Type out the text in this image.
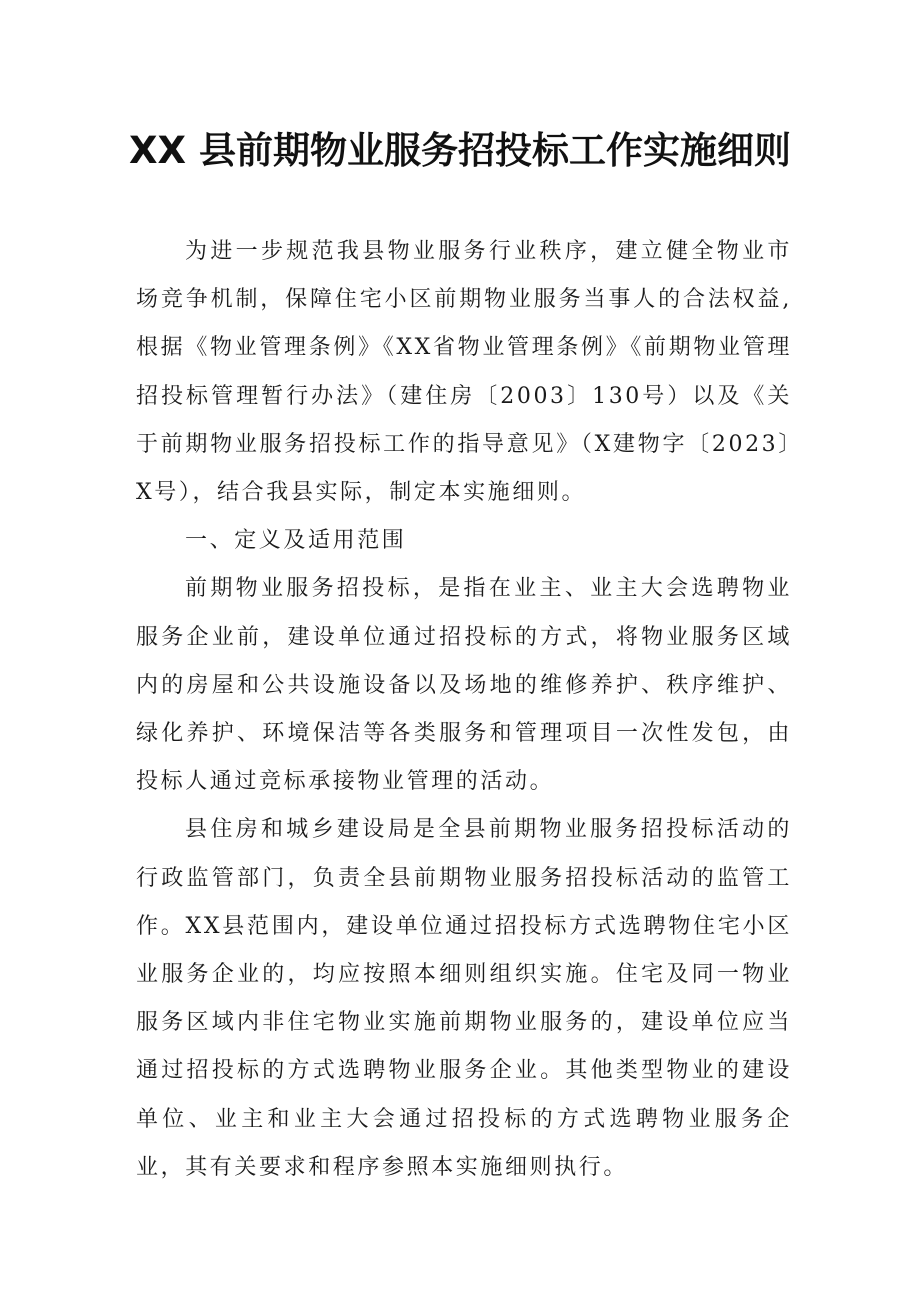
XX 县前期物业服务招投标工作实施细则

为进一步规范我县物业服务行业秩序，建立健全物业市场竞争机制，保障住宅小区前期物业服务当事人的合法权益,根据《物业管理条例》《XX省物业管理条例》《前期物业管理招投标管理暂行办法》（建住房〔2003〕130号）以及《关于前期物业服务招投标工作的指导意见》（X建物字〔2023〕X号），结合我县实际，制定本实施细则。

一、定义及适用范围

前期物业服务招投标，是指在业主、业主大会选聘物业服务企业前，建设单位通过招投标的方式，将物业服务区域内的房屋和公共设施设备以及场地的维修养护、秩序维护、绿化养护、环境保洁等各类服务和管理项目一次性发包，由投标人通过竞标承接物业管理的活动。

县住房和城乡建设局是全县前期物业服务招投标活动的行政监管部门，负责全县前期物业服务招投标活动的监管工作。XX县范围内，建设单位通过招投标方式选聘物住宅小区业服务企业的，均应按照本细则组织实施。住宅及同一物业服务区域内非住宅物业实施前期物业服务的，建设单位应当通过招投标的方式选聘物业服务企业。其他类型物业的建设单位、业主和业主大会通过招投标的方式选聘物业服务企业，其有关要求和程序参照本实施细则执行。
